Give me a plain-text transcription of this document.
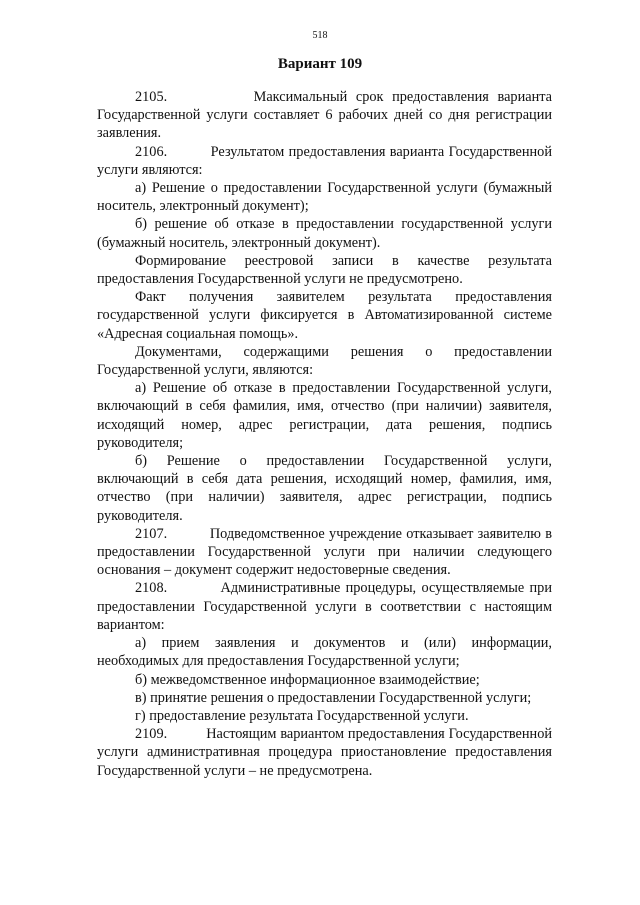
518
Вариант 109

2105.          Максимальный срок предоставления варианта Государственной услуги составляет 6 рабочих дней со дня регистрации заявления.

2106.          Результатом предоставления варианта Государственной услуги являются:

а) Решение о предоставлении Государственной услуги (бумажный носитель, электронный документ);

б) решение об отказе в предоставлении государственной услуги (бумажный носитель, электронный документ).

Формирование реестровой записи в качестве результата предоставления Государственной услуги не предусмотрено.

Факт получения заявителем результата предоставления государственной услуги фиксируется в Автоматизированной системе «Адресная социальная помощь».

Документами, содержащими решения о предоставлении Государственной услуги, являются:

а) Решение об отказе в предоставлении Государственной услуги, включающий в себя фамилия, имя, отчество (при наличии) заявителя, исходящий номер, адрес регистрации, дата решения, подпись руководителя;

б) Решение о предоставлении Государственной услуги, включающий в себя дата решения, исходящий номер, фамилия, имя, отчество (при наличии) заявителя, адрес регистрации, подпись руководителя.

2107.          Подведомственное учреждение отказывает заявителю в предоставлении Государственной услуги при наличии следующего основания – документ содержит недостоверные сведения.

2108.          Административные процедуры, осуществляемые при предоставлении Государственной услуги в соответствии с настоящим вариантом:

а) прием заявления и документов и (или) информации, необходимых для предоставления Государственной услуги;

б) межведомственное информационное взаимодействие;

в) принятие решения о предоставлении Государственной услуги;

г) предоставление результата Государственной услуги.

2109.          Настоящим вариантом предоставления Государственной услуги административная процедура приостановление предоставления Государственной услуги – не предусмотрена.
